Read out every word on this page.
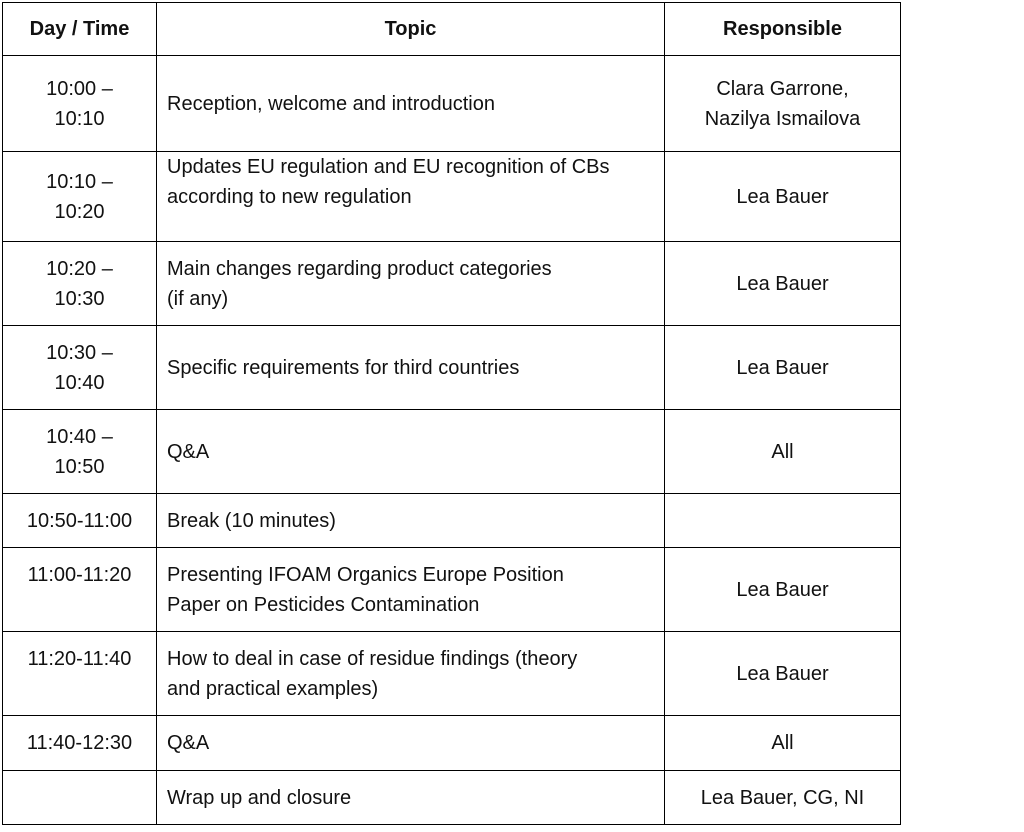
Day / Time	Topic	Responsible

10:00 –
10:10	Reception, welcome and introduction	Clara Garrone,
Nazilya Ismailova

10:10 –
10:20	Updates EU regulation and EU recognition of CBs
according to new regulation	Lea Bauer

10:20 –
10:30	Main changes regarding product categories
(if any)	Lea Bauer

10:30 –
10:40	Specific requirements for third countries	Lea Bauer

10:40 –
10:50	Q&A	All

10:50-11:00	Break (10 minutes)	

11:00-11:20	Presenting IFOAM Organics Europe Position
Paper on Pesticides Contamination	Lea Bauer

11:20-11:40	How to deal in case of residue findings (theory
and practical examples)	Lea Bauer

11:40-12:30	Q&A	All

	Wrap up and closure	Lea Bauer, CG, NI
